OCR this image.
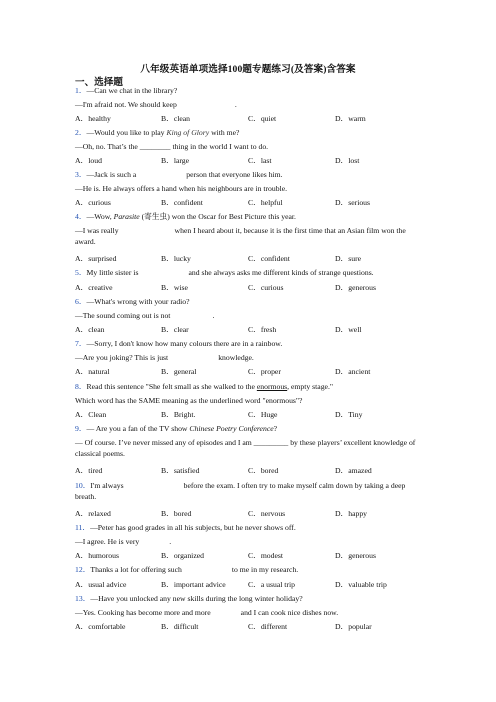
八年级英语单项选择100题专题练习(及答案)含答案
一、选择题
1．—Can we chat in the library?
—I'm afraid not. We should keep	.
A．healthy	B．clean	C．quiet	D．warm
2．—Would you like to play King of Glory with me?
—Oh, no. That’s the ________ thing in the world I want to do.
A．loud	B．large	C．last	D．lost
3．—Jack is such a	person that everyone likes him.
—He is. He always offers a hand when his neighbours are in trouble.
A．curious	B．confident	C．helpful	D．serious
4．—Wow, Parasite (寄生虫) won the Oscar for Best Picture this year.
—I was really	when I heard about it, because it is the first time that an Asian film won the award.
A．surprised	B．lucky	C．confident	D．sure
5．My little sister is	and she always asks me different kinds of strange questions.
A．creative	B．wise	C．curious	D．generous
6．—What's wrong with your radio?
—The sound coming out is not	.
A．clean	B．clear	C．fresh	D．well
7．—Sorry, I don't know how many colours there are in a rainbow.
—Are you joking? This is just	knowledge.
A．natural	B．general	C．proper	D．ancient
8．Read this sentence "She felt small as she walked to the enormous, empty stage."
Which word has the SAME meaning as the underlined word "enormous"?
A．Clean	B．Bright.	C．Huge	D．Tiny
9．— Are you a fan of the TV show Chinese Poetry Conference?
— Of course. I’ve never missed any of episodes and I am _________ by these players’ excellent knowledge of classical poems.
A．tired	B．satisfied	C．bored	D．amazed
10．I'm always	before the exam. I often try to make myself calm down by taking a deep breath.
A．relaxed	B．bored	C．nervous	D．happy
11．—Peter has good grades in all his subjects, but he never shows off.
—I agree. He is very	.
A．humorous	B．organized	C．modest	D．generous
12．Thanks a lot for offering such	to me in my research.
A．usual advice	B．important advice	C．a usual trip	D．valuable trip
13．—Have you unlocked any new skills during the long winter holiday?
—Yes. Cooking has become more and more	and I can cook nice dishes now.
A．comfortable	B．difficult	C．different	D．popular
